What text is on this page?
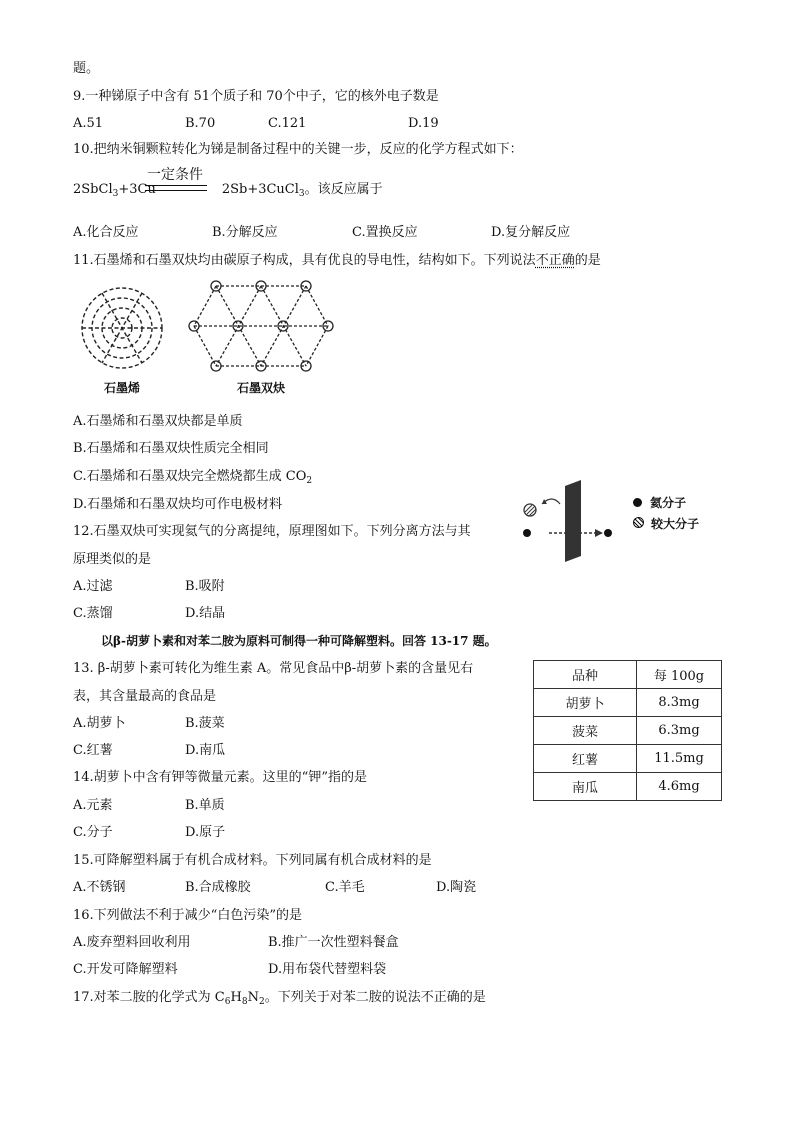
题。
9.一种锑原子中含有 51个质子和 70个中子，它的核外电子数是
A.51	B.70	C.121	D.19
10.把纳米铜颗粒转化为锑是制备过程中的关键一步，反应的化学方程式如下：
一定条件
2SbCl$_3$+3Cu	2Sb+3CuCl$_3$。该反应属于
A.化合反应	B.分解反应	C.置换反应	D.复分解反应
11.石墨烯和石墨双炔均由碳原子构成，具有优良的导电性，结构如下。下列说法不正确的是
石墨烯	石墨双炔
A.石墨烯和石墨双炔都是单质
B.石墨烯和石墨双炔性质完全相同
C.石墨烯和石墨双炔完全燃烧都生成 $CO_2$
D.石墨烯和石墨双炔均可作电极材料	氦分子
较大分子
12.石墨双炔可实现氦气的分离提纯，原理图如下。下列分离方法与其
原理类似的是
A.过滤	B.吸附
C.蒸馏	D.结晶
以β-胡萝卜素和对苯二胺为原料可制得一种可降解塑料。回答 13-17 题。
13. β-胡萝卜素可转化为维生素 A。常见食品中β-胡萝卜素的含量见右
表，其含量最高的食品是
A.胡萝卜	B.菠菜
C.红薯	D.南瓜
品种	每 100g
胡萝卜	8.3mg
菠菜	6.3mg
红薯	11.5mg
南瓜	4.6mg
14.胡萝卜中含有钾等微量元素。这里的“钾”指的是
A.元素	B.单质
C.分子	D.原子
15.可降解塑料属于有机合成材料。下列同属有机合成材料的是
A.不锈钢	B.合成橡胶	C.羊毛	D.陶瓷
16.下列做法不利于减少“白色污染”的是
A.废弃塑料回收利用	B.推广一次性塑料餐盒
C.开发可降解塑料	D.用布袋代替塑料袋
17.对苯二胺的化学式为 $C_6H_8N_2$。下列关于对苯二胺的说法不正确的是
